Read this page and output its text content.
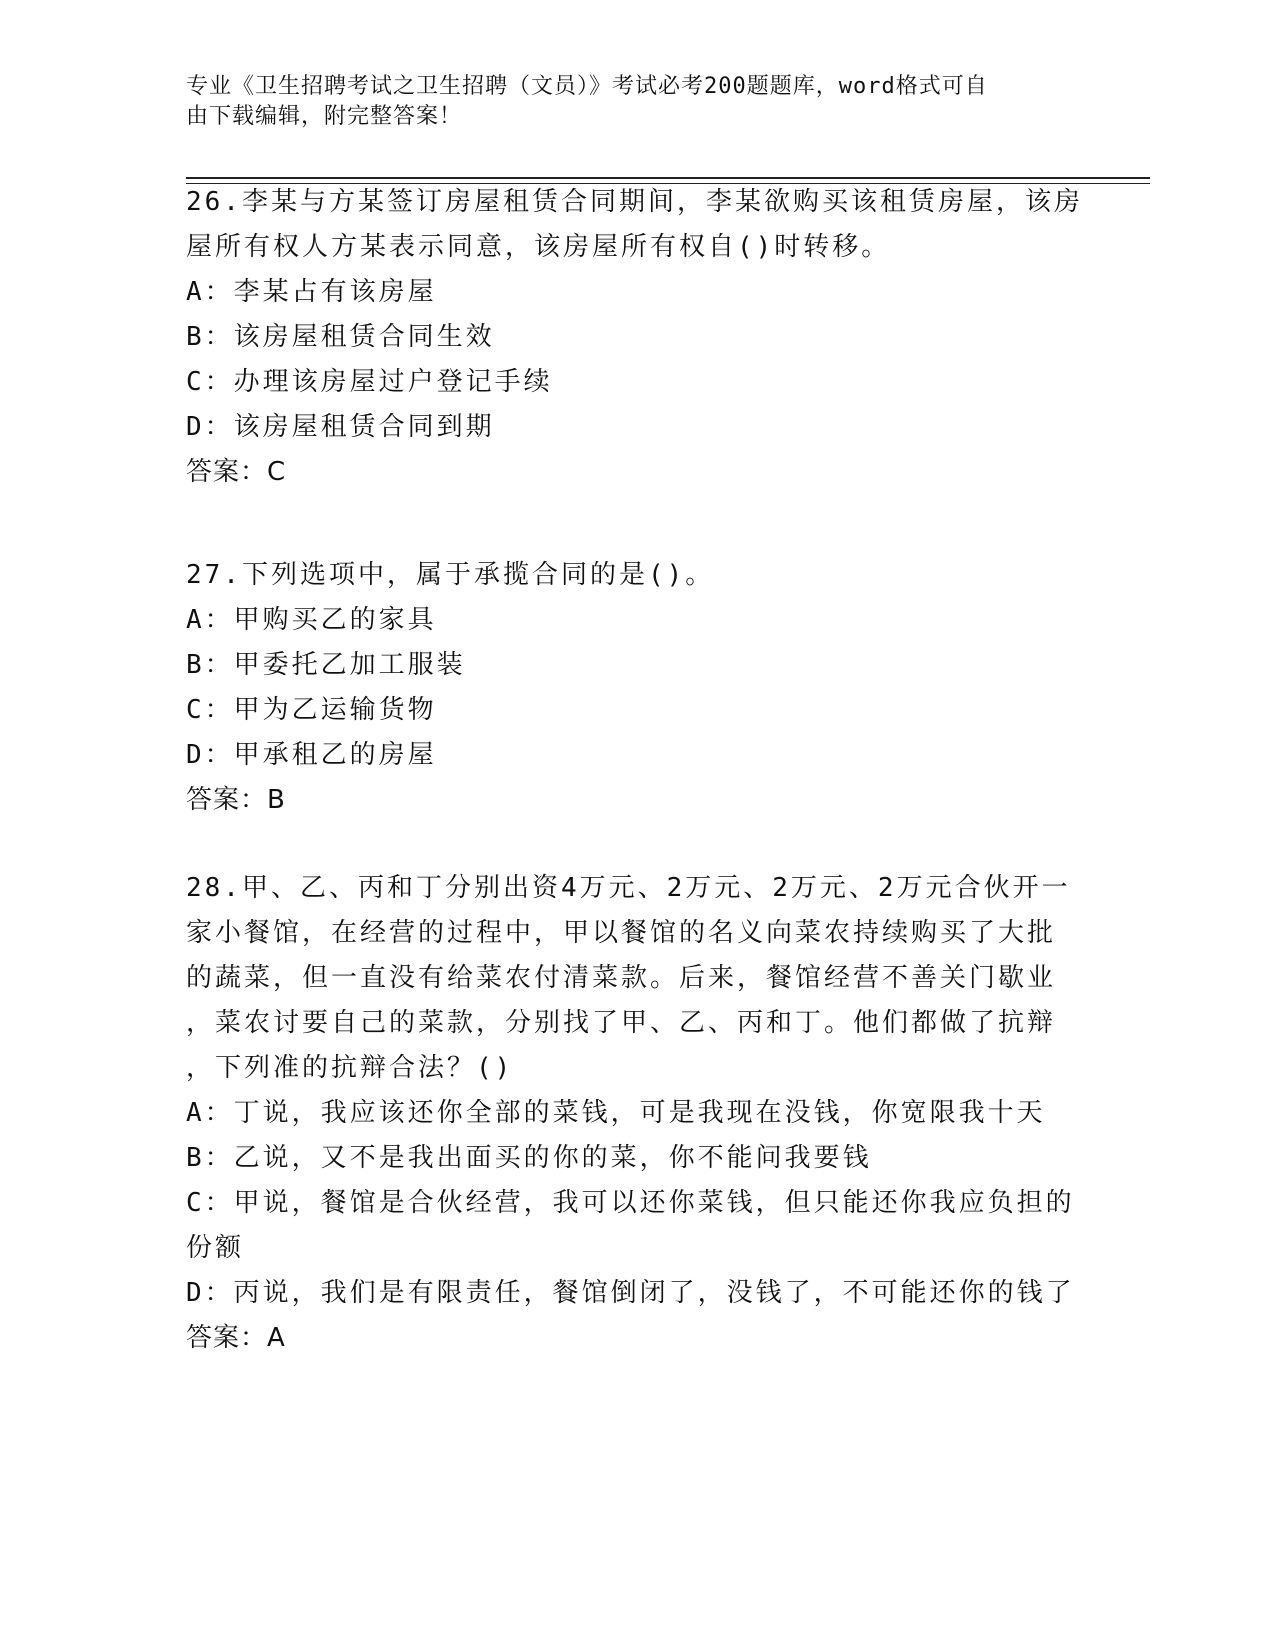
专业《卫生招聘考试之卫生招聘（文员）》考试必考200题题库，word格式可自
由下载编辑，附完整答案！
26.李某与方某签订房屋租赁合同期间，李某欲购买该租赁房屋，该房
屋所有权人方某表示同意，该房屋所有权自()时转移。
A：李某占有该房屋
B：该房屋租赁合同生效
C：办理该房屋过户登记手续
D：该房屋租赁合同到期
答案：C
27.下列选项中，属于承揽合同的是()。
A：甲购买乙的家具
B：甲委托乙加工服装
C：甲为乙运输货物
D：甲承租乙的房屋
答案：B
28.甲、乙、丙和丁分别出资4万元、2万元、2万元、2万元合伙开一
家小餐馆，在经营的过程中，甲以餐馆的名义向菜农持续购买了大批
的蔬菜，但一直没有给菜农付清菜款。后来，餐馆经营不善关门歇业
，菜农讨要自己的菜款，分别找了甲、乙、丙和丁。他们都做了抗辩
，下列准的抗辩合法？()
A：丁说，我应该还你全部的菜钱，可是我现在没钱，你宽限我十天
B：乙说，又不是我出面买的你的菜，你不能问我要钱
C：甲说，餐馆是合伙经营，我可以还你菜钱，但只能还你我应负担的
份额
D：丙说，我们是有限责任，餐馆倒闭了，没钱了，不可能还你的钱了
答案：A
